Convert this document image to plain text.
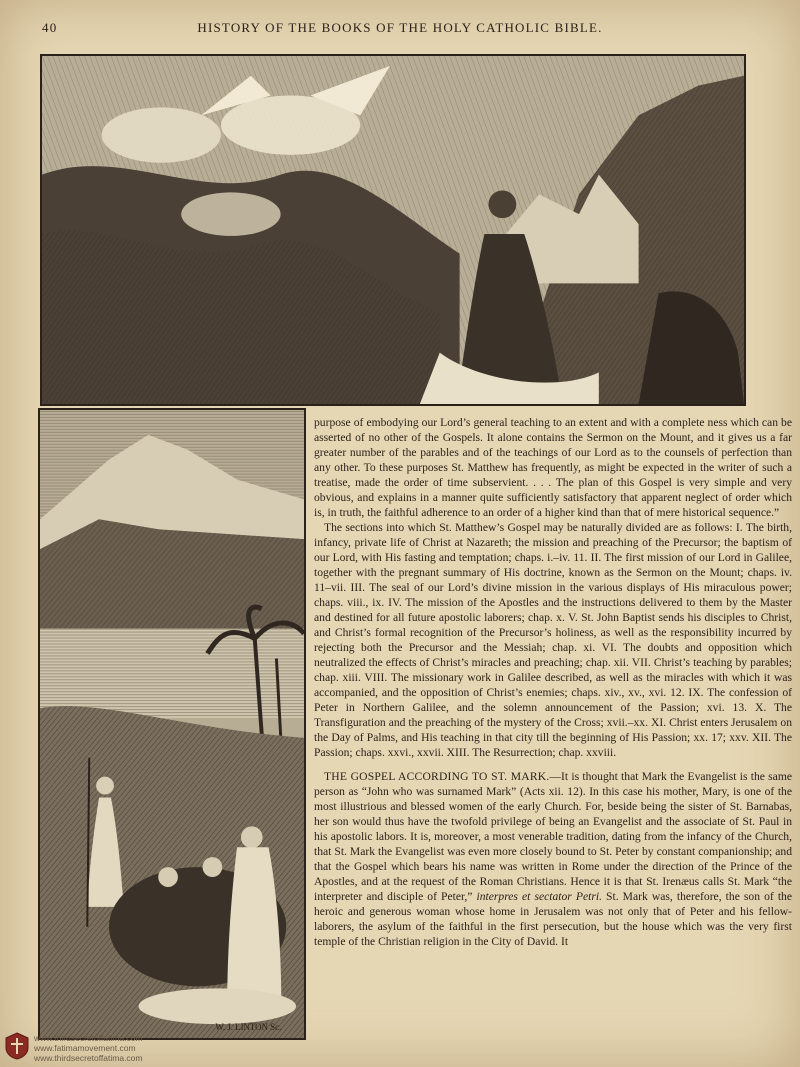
40	HISTORY OF THE BOOKS OF THE HOLY CATHOLIC BIBLE.
W. J. LINTON Sc.

purpose of embodying our Lord’s general teaching to an extent and with a complete ness which can be asserted of no other of the Gospels. It alone contains the Sermon on the Mount, and it gives us a far greater number of the parables and of the teachings of our Lord as to the counsels of perfection than any other. To these purposes St. Matthew has frequently, as might be expected in the writer of such a treatise, made the order of time subservient. . . . The plan of this Gospel is very simple and very obvious, and explains in a manner quite sufficiently satisfactory that apparent neglect of order which is, in truth, the faithful adherence to an order of a higher kind than that of mere historical sequence.”

The sections into which St. Matthew’s Gospel may be naturally divided are as follows: I. The birth, infancy, private life of Christ at Nazareth; the mission and preaching of the Precursor; the baptism of our Lord, with His fasting and temptation; chaps. i.–iv. 11. II. The first mission of our Lord in Galilee, together with the pregnant summary of His doctrine, known as the Sermon on the Mount; chaps. iv. 11–vii. III. The seal of our Lord’s divine mission in the various displays of His miraculous power; chaps. viii., ix. IV. The mission of the Apostles and the instructions delivered to them by the Master and destined for all future apostolic laborers; chap. x. V. St. John Baptist sends his disciples to Christ, and Christ’s formal recognition of the Precursor’s holiness, as well as the responsibility incurred by rejecting both the Precursor and the Messiah; chap. xi. VI. The doubts and opposition which neutralized the effects of Christ’s miracles and preaching; chap. xii. VII. Christ’s teaching by parables; chap. xiii. VIII. The missionary work in Galilee described, as well as the miracles with which it was accompanied, and the opposition of Christ’s enemies; chaps. xiv., xv., xvi. 12. IX. The confession of Peter in Northern Galilee, and the solemn announcement of the Passion; xvi. 13. X. The Transfiguration and the preaching of the mystery of the Cross; xvii.–xx. XI. Christ enters Jerusalem on the Day of Palms, and His teaching in that city till the beginning of His Passion; xx. 17; xxv. XII. The Passion; chaps. xxvi., xxvii. XIII. The Resurrection; chap. xxviii.

THE GOSPEL ACCORDING TO ST. MARK.—It is thought that Mark the Evangelist is the same person as “John who was surnamed Mark” (Acts xii. 12). In this case his mother, Mary, is one of the most illustrious and blessed women of the early Church. For, beside being the sister of St. Barnabas, her son would thus have the twofold privilege of being an Evangelist and the associate of St. Paul in his apostolic labors. It is, moreover, a most venerable tradition, dating from the infancy of the Church, that St. Mark the Evangelist was even more closely bound to St. Peter by constant companionship; and that the Gospel which bears his name was written in Rome under the direction of the Prince of the Apostles, and at the request of the Roman Christians. Hence it is that St. Irenæus calls St. Mark “the interpreter and disciple of Peter,” interpres et sectator Petri. St. Mark was, therefore, the son of the heroic and generous woman whose home in Jerusalem was not only that of Peter and his fellow-laborers, the asylum of the faithful in the first persecution, but the house which was the very first temple of the Christian religion in the City of David. It

www.thirdsecretoffatima.com
www.fatimamovement.com
www.thirdsecretoffatima.com
